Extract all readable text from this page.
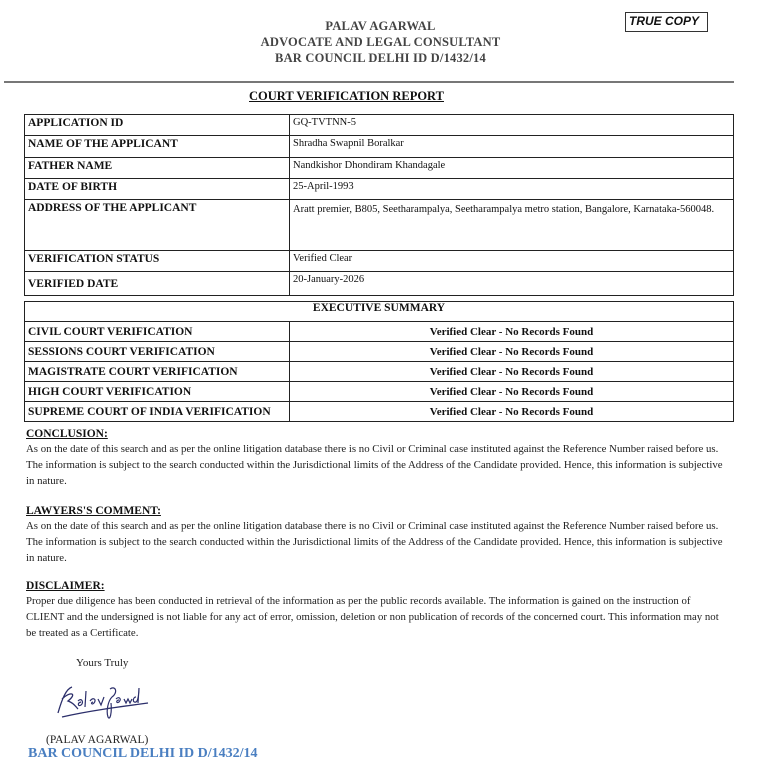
PALAV AGARWAL
ADVOCATE AND LEGAL CONSULTANT
BAR COUNCIL DELHI ID D/1432/14
TRUE COPY
COURT VERIFICATION REPORT
APPLICATION ID	GQ-TVTNN-5
NAME OF THE APPLICANT	Shradha Swapnil Boralkar
FATHER NAME	Nandkishor Dhondiram Khandagale
DATE OF BIRTH	25-April-1993
ADDRESS OF THE APPLICANT	Aratt premier, B805, Seetharampalya, Seetharampalya metro station, Bangalore, Karnataka-560048.
VERIFICATION STATUS	Verified Clear
VERIFIED DATE	20-January-2026
EXECUTIVE SUMMARY	
CIVIL COURT VERIFICATION	Verified Clear - No Records Found
SESSIONS COURT VERIFICATION	Verified Clear - No Records Found
MAGISTRATE COURT VERIFICATION	Verified Clear - No Records Found
HIGH COURT VERIFICATION	Verified Clear - No Records Found
SUPREME COURT OF INDIA VERIFICATION	Verified Clear - No Records Found
CONCLUSION:

As on the date of this search and as per the online litigation database there is no Civil or Criminal case instituted against the Reference Number raised before us. The information is subject to the search conducted within the Jurisdictional limits of the Address of the Candidate provided. Hence, this information is subjective in nature.

LAWYERS'S COMMENT:

As on the date of this search and as per the online litigation database there is no Civil or Criminal case instituted against the Reference Number raised before us. The information is subject to the search conducted within the Jurisdictional limits of the Address of the Candidate provided. Hence, this information is subjective in nature.

DISCLAIMER:

Proper due diligence has been conducted in retrieval of the information as per the public records available. The information is gained on the instruction of CLIENT and the undersigned is not liable for any act of error, omission, deletion or non publication of records of the concerned court. This information may not be treated as a Certificate.

Yours Truly
(PALAV AGARWAL)
BAR COUNCIL DELHI ID D/1432/14
